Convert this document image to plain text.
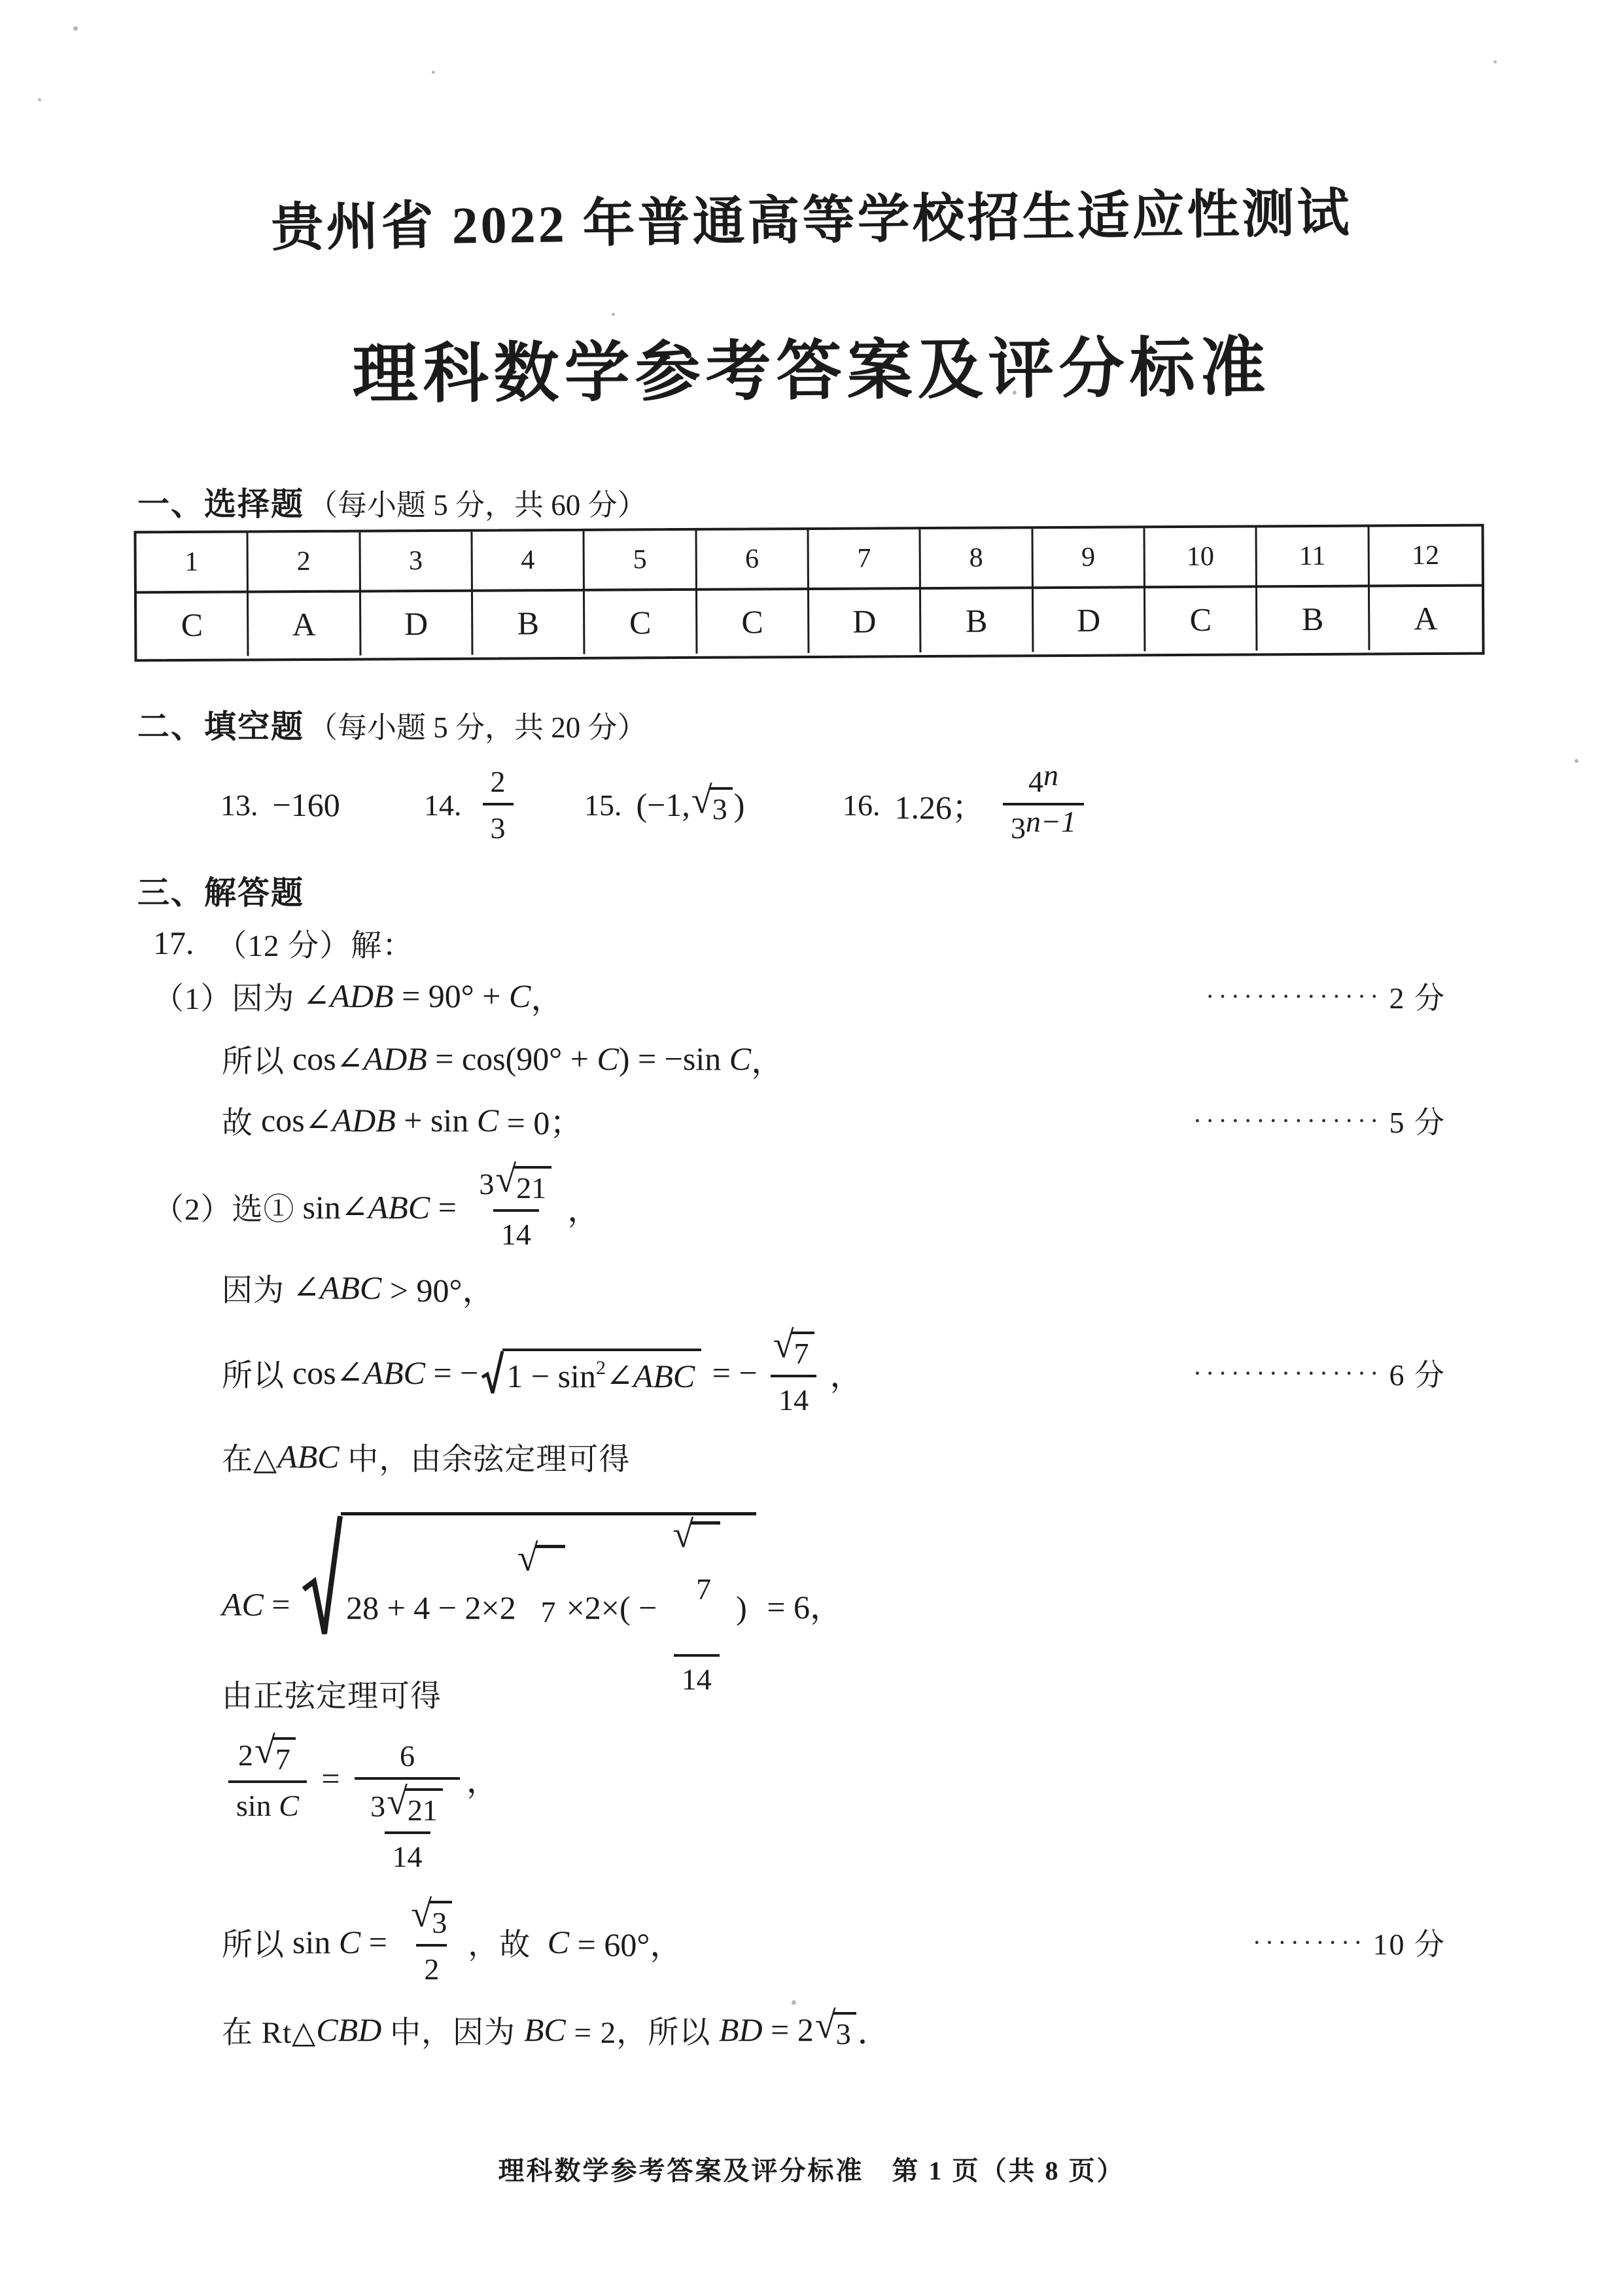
贵州省 2022 年普通高等学校招生适应性测试
理科数学参考答案及评分标准
一、选择题 （每小题 5 分，共 60 分）
1	2	3	4	5	6	7	8	9	10	11	12
C	A	D	B	C	C	D	B	D	C	B	A
二、填空题 （每小题 5 分，共 20 分）
13. −160	14. $\frac{2}{3} 15$. (−1, √ 3 )	16. 1.26； $\frac{4 n}{3 n-1}$
三、解答题
17. （12 分）解：
（1）因为 ∠ADB = 90° + C ，	·············· 2 分
所以 cos ∠ADB = cos(90° + C ) = −sin C ，
故 cos ∠ADB + sin C = 0；	··············· 5 分
（2）选① sin ∠ABC = $\frac{3 √ 21}{14}$ ，
因为 ∠ABC > 90°，
所以 cos ∠ABC = − 1 − sin 2 ∠ABC = − $\frac{√ 7}{14}$ ，	··············· 6 分
在△ ABC 中，由余弦定理可得
AC = 28 + 4 − 2×2
√
7 ×2×( − √
7
14 ) = 6，
由正弦定理可得
$\frac{2 √ 7}{\text{sin C}}$ =
6
$\frac{3 √ 21}{14}$
，
所以 $\sin C = \frac{√ 3}{2}$ ，故 C = 60°，	········· 10 分
在 Rt△ CBD 中，因为 BC = 2，所以 BD = 2 √ 3 ．
理科数学参考答案及评分标准　第 1 页（共 8 页）
